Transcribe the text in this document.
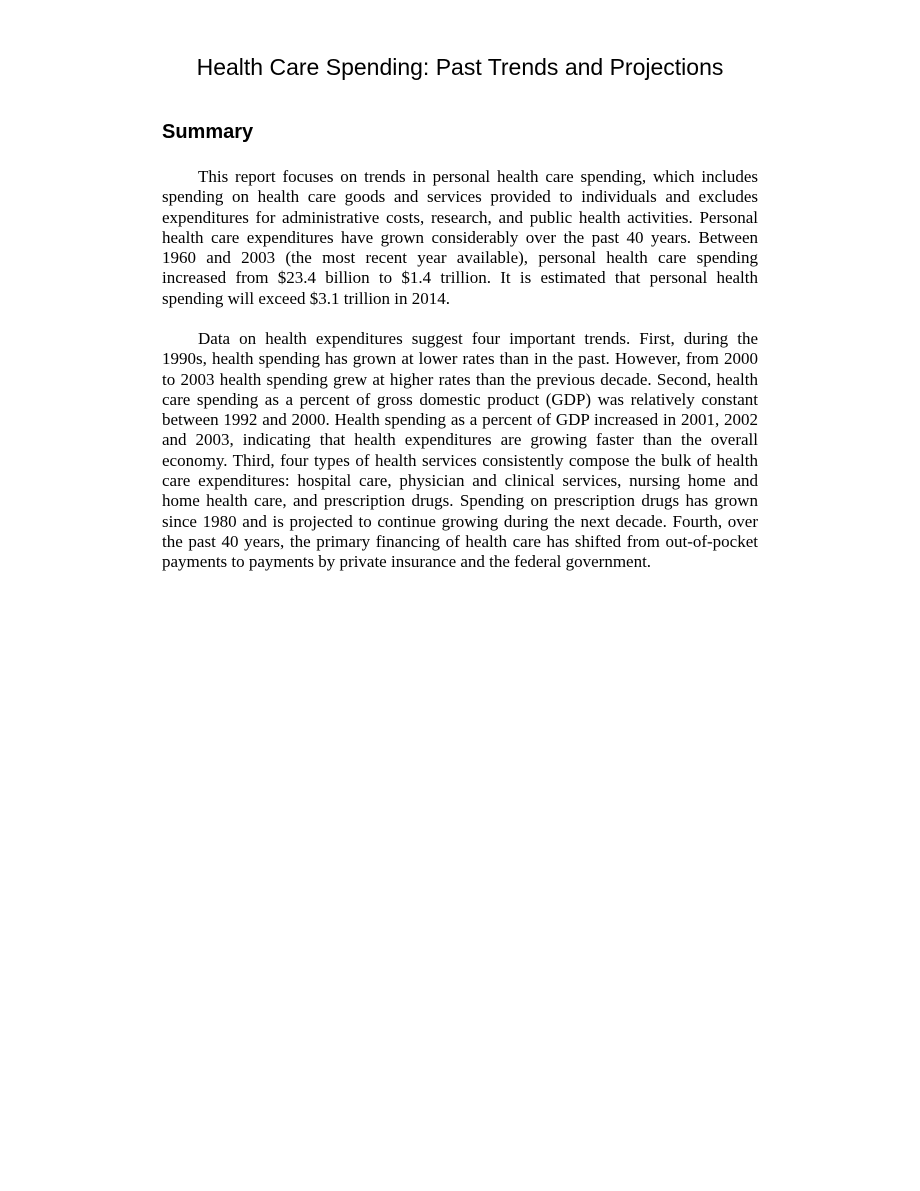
Health Care Spending: Past Trends and Projections
Summary

This report focuses on trends in personal health care spending, which includes spending on health care goods and services provided to individuals and excludes expenditures for administrative costs, research, and public health activities. Personal health care expenditures have grown considerably over the past 40 years. Between 1960 and 2003 (the most recent year available), personal health care spending increased from $23.4 billion to $1.4 trillion. It is estimated that personal health spending will exceed $3.1 trillion in 2014.

Data on health expenditures suggest four important trends. First, during the 1990s, health spending has grown at lower rates than in the past. However, from 2000 to 2003 health spending grew at higher rates than the previous decade. Second, health care spending as a percent of gross domestic product (GDP) was relatively constant between 1992 and 2000. Health spending as a percent of GDP increased in 2001, 2002 and 2003, indicating that health expenditures are growing faster than the overall economy. Third, four types of health services consistently compose the bulk of health care expenditures: hospital care, physician and clinical services, nursing home and home health care, and prescription drugs. Spending on prescription drugs has grown since 1980 and is projected to continue growing during the next decade. Fourth, over the past 40 years, the primary financing of health care has shifted from out-of-pocket payments to payments by private insurance and the federal government.
